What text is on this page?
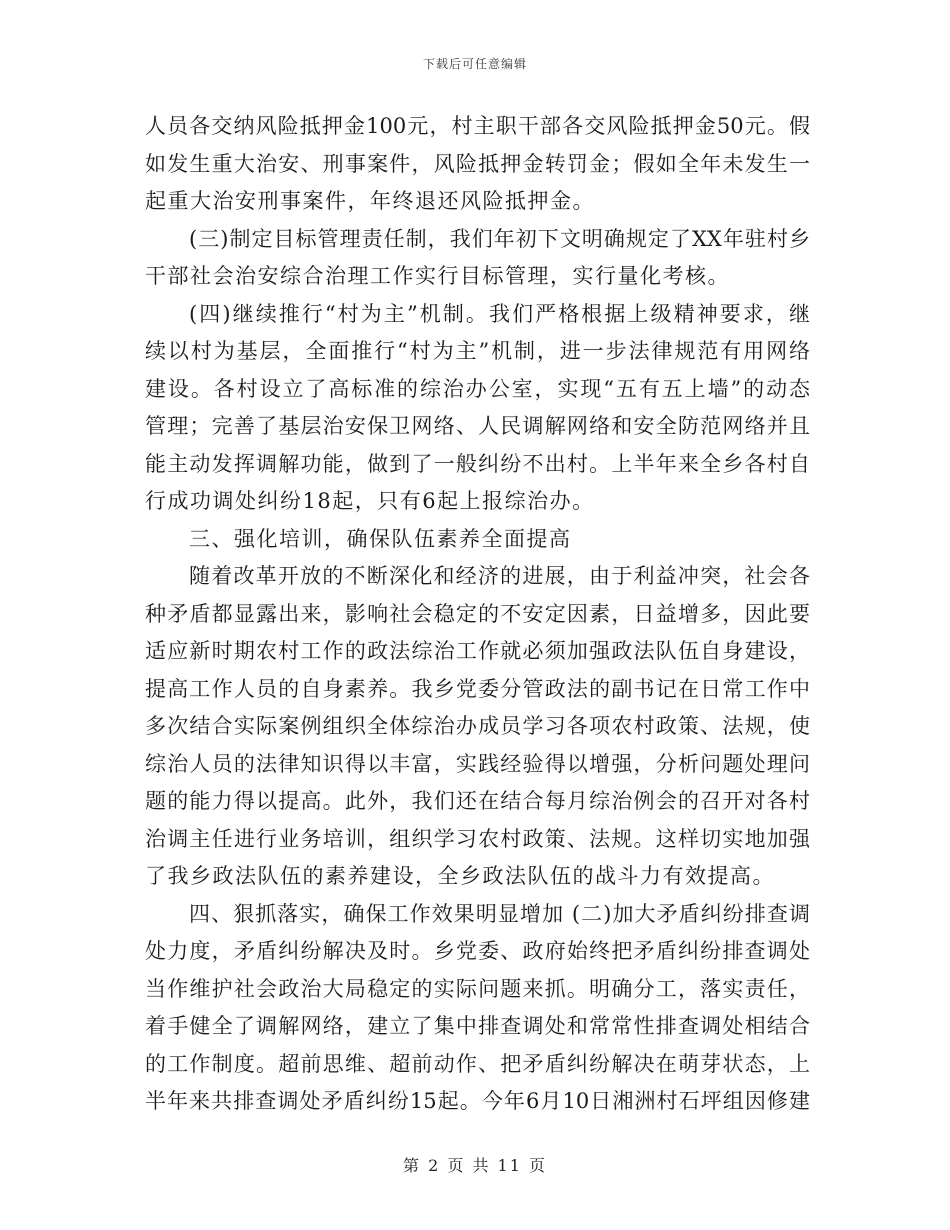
下载后可任意编辑
人员各交纳风险抵押金100元，村主职干部各交风险抵押金50元。假
如发生重大治安、刑事案件，风险抵押金转罚金；假如全年未发生一
起重大治安刑事案件，年终退还风险抵押金。
(三)制定目标管理责任制，我们年初下文明确规定了XX年驻村乡
干部社会治安综合治理工作实行目标管理，实行量化考核。
(四)继续推行“村为主”机制。我们严格根据上级精神要求，继
续以村为基层，全面推行“村为主”机制，进一步法律规范有用网络
建设。各村设立了高标准的综治办公室，实现“五有五上墙”的动态
管理；完善了基层治安保卫网络、人民调解网络和安全防范网络并且
能主动发挥调解功能，做到了一般纠纷不出村。上半年来全乡各村自
行成功调处纠纷18起，只有6起上报综治办。
三、强化培训，确保队伍素养全面提高
随着改革开放的不断深化和经济的进展，由于利益冲突，社会各
种矛盾都显露出来，影响社会稳定的不安定因素，日益增多，因此要
适应新时期农村工作的政法综治工作就必须加强政法队伍自身建设，
提高工作人员的自身素养。我乡党委分管政法的副书记在日常工作中
多次结合实际案例组织全体综治办成员学习各项农村政策、法规，使
综治人员的法律知识得以丰富，实践经验得以增强，分析问题处理问
题的能力得以提高。此外，我们还在结合每月综治例会的召开对各村
治调主任进行业务培训，组织学习农村政策、法规。这样切实地加强
了我乡政法队伍的素养建设，全乡政法队伍的战斗力有效提高。
四、狠抓落实，确保工作效果明显增加 (二)加大矛盾纠纷排查调
处力度，矛盾纠纷解决及时。乡党委、政府始终把矛盾纠纷排查调处
当作维护社会政治大局稳定的实际问题来抓。明确分工，落实责任，
着手健全了调解网络，建立了集中排查调处和常常性排查调处相结合
的工作制度。超前思维、超前动作、把矛盾纠纷解决在萌芽状态，上
半年来共排查调处矛盾纠纷15起。今年6月10日湘洲村石坪组因修建
第 2 页 共 11 页
